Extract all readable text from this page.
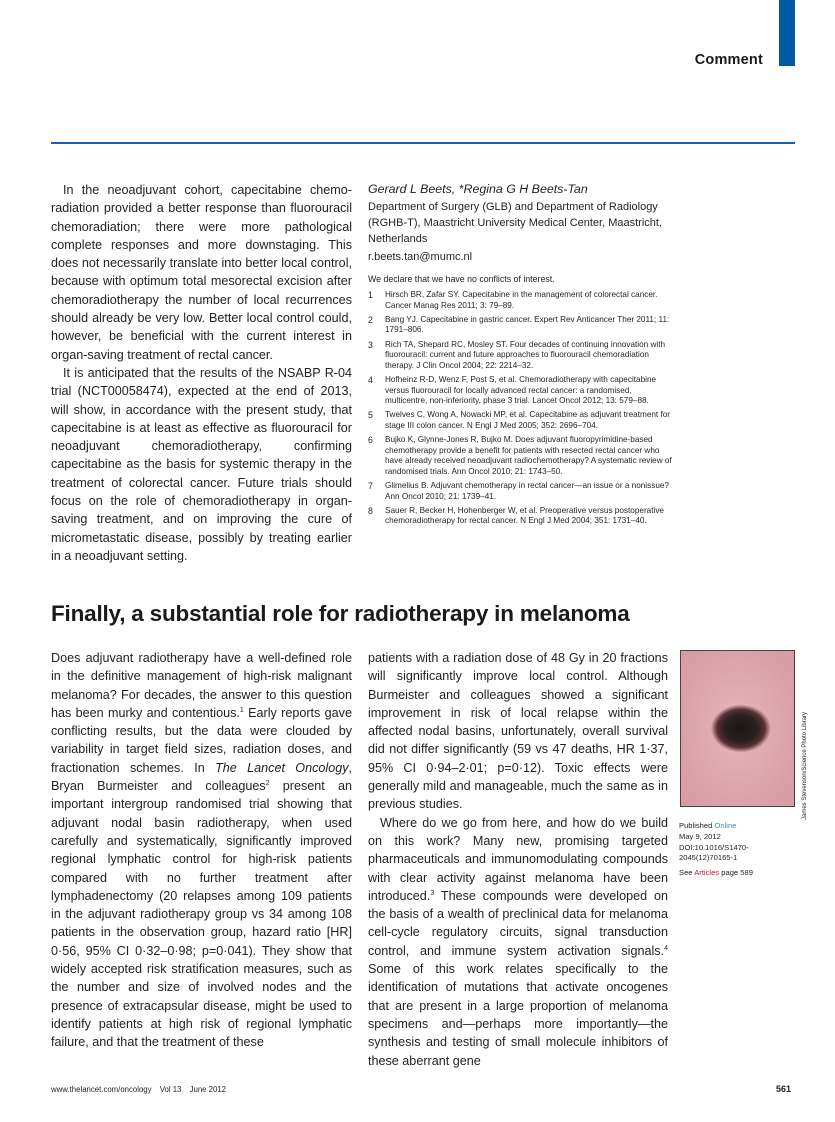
Comment

In the neoadjuvant cohort, capecitabine chemo-radiation provided a better response than fluorouracil chemoradiation; there were more pathological complete responses and more downstaging. This does not necessarily translate into better local control, because with optimum total mesorectal excision after chemoradiotherapy the number of local recurrences should already be very low. Better local control could, however, be beneficial with the current interest in organ-saving treatment of rectal cancer.

It is anticipated that the results of the NSABP R-04 trial (NCT00058474), expected at the end of 2013, will show, in accordance with the present study, that capecitabine is at least as effective as fluorouracil for neoadjuvant chemoradiotherapy, confirming capecitabine as the basis for systemic therapy in the treatment of colorectal cancer. Future trials should focus on the role of chemoradiotherapy in organ-saving treatment, and on improving the cure of micrometastatic disease, possibly by treating earlier in a neoadjuvant setting.

Gerard L Beets, *Regina G H Beets-Tan
Department of Surgery (GLB) and Department of Radiology (RGHB-T), Maastricht University Medical Center, Maastricht, Netherlands
r.beets.tan@mumc.nl
We declare that we have no conflicts of interest.
1	Hirsch BR, Zafar SY. Capecitabine in the management of colorectal cancer. Cancer Manag Res 2011; 3: 79–89.
2	Bang YJ. Capecitabine in gastric cancer. Expert Rev Anticancer Ther 2011; 11: 1791–806.
3	Rich TA, Shepard RC, Mosley ST. Four decades of continuing innovation with fluorouracil: current and future approaches to fluorouracil chemoradiation therapy. J Clin Oncol 2004; 22: 2214–32.
4	Hofheinz R-D, Wenz F, Post S, et al. Chemoradiotherapy with capecitabine versus fluorouracil for locally advanced rectal cancer: a randomised, multicentre, non-inferiority, phase 3 trial. Lancet Oncol 2012; 13: 579–88.
5	Twelves C, Wong A, Nowacki MP, et al. Capecitabine as adjuvant treatment for stage III colon cancer. N Engl J Med 2005; 352: 2696–704.
6	Bujko K, Glynne-Jones R, Bujko M. Does adjuvant fluoropyrimidine-based chemotherapy provide a benefit for patients with resected rectal cancer who have already received neoadjuvant radiochemotherapy? A systematic review of randomised trials. Ann Oncol 2010; 21: 1743–50.
7	Glimelius B. Adjuvant chemotherapy in rectal cancer—an issue or a nonissue? Ann Oncol 2010; 21: 1739–41.
8	Sauer R, Becker H, Hohenberger W, et al. Preoperative versus postoperative chemoradiotherapy for rectal cancer. N Engl J Med 2004; 351: 1731–40.
Finally, a substantial role for radiotherapy in melanoma

Does adjuvant radiotherapy have a well-defined role in the definitive management of high-risk malignant melanoma? For decades, the answer to this question has been murky and contentious.$^1$ Early reports gave conflicting results, but the data were clouded by variability in target field sizes, radiation doses, and fractionation schemes. In The Lancet Oncology, Bryan Burmeister and colleagues$^2$ present an important intergroup randomised trial showing that adjuvant nodal basin radiotherapy, when used carefully and systematically, significantly improved regional lymphatic control for high-risk patients compared with no further treatment after lymphadenectomy (20 relapses among 109 patients in the adjuvant radiotherapy group vs 34 among 108 patients in the observation group, hazard ratio [HR] 0·56, 95% CI 0·32–0·98; p=0·041). They show that widely accepted risk stratification measures, such as the number and size of involved nodes and the presence of extracapsular disease, might be used to identify patients at high risk of regional lymphatic failure, and that the treatment of these

patients with a radiation dose of 48 Gy in 20 fractions will significantly improve local control. Although Burmeister and colleagues showed a significant improvement in risk of local relapse within the affected nodal basins, unfortunately, overall survival did not differ significantly (59 vs 47 deaths, HR 1·37, 95% CI 0·94–2·01; p=0·12). Toxic effects were generally mild and manageable, much the same as in previous studies.

Where do we go from here, and how do we build on this work? Many new, promising targeted pharmaceuticals and immunomodulating compounds with clear activity against melanoma have been introduced.$^3$ These compounds were developed on the basis of a wealth of preclinical data for melanoma cell-cycle regulatory circuits, signal transduction control, and immune system activation signals.$^4$ Some of this work relates specifically to the identification of mutations that activate oncogenes that are present in a large proportion of melanoma specimens and—perhaps more importantly—the synthesis and testing of small molecule inhibitors of these aberrant gene

James Stevenson/Science Photo Library
Published Online
May 9, 2012
DOI:10.1016/S1470-
2045(12)70165-1
See Articles page 589
www.thelancet.com/oncology Vol 13 June 2012	561
